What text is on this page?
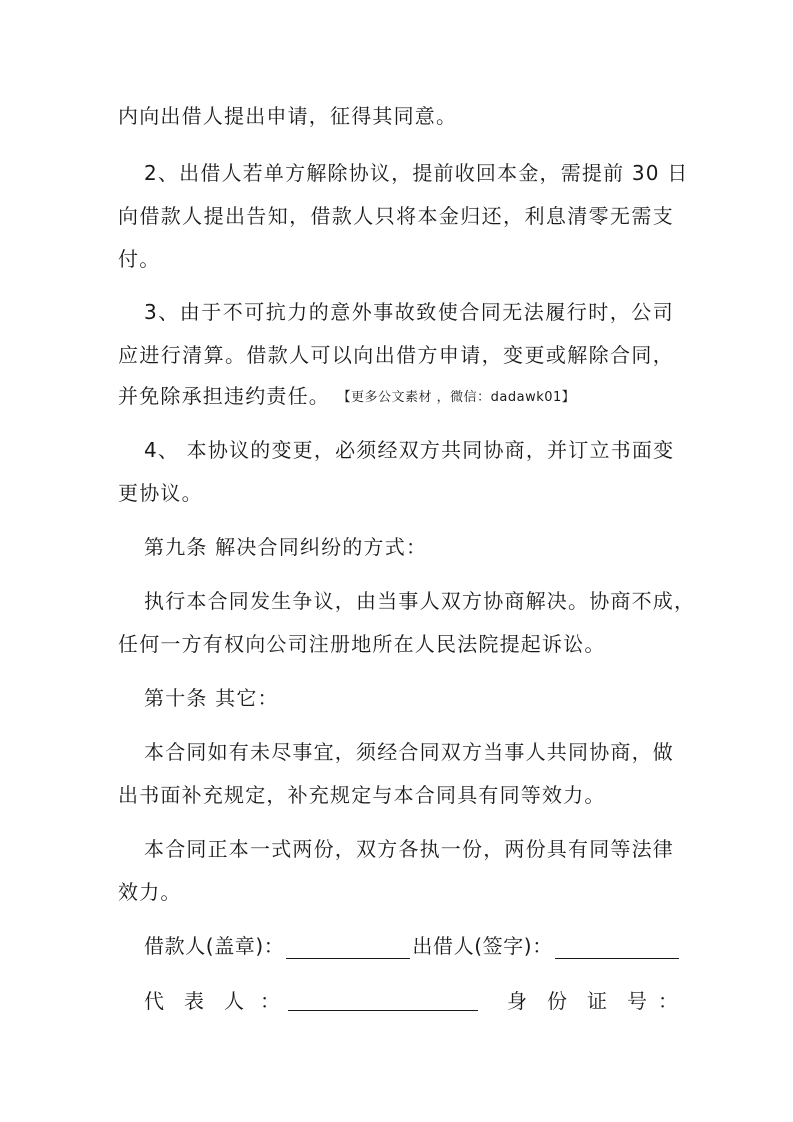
内向出借人提出申请，征得其同意。
2、出借人若单方解除协议，提前收回本金，需提前 30 日
向借款人提出告知，借款人只将本金归还，利息清零无需支
付。
3、由于不可抗力的意外事故致使合同无法履行时，公司
应进行清算。借款人可以向出借方申请，变更或解除合同，
并免除承担违约责任。 【更多公文素材 ，微信：dadawk01】
4、 本协议的变更，必须经双方共同协商，并订立书面变
更协议。
第九条 解决合同纠纷的方式：
执行本合同发生争议，由当事人双方协商解决。协商不成，
任何一方有权向公司注册地所在人民法院提起诉讼。
第十条 其它：
本合同如有未尽事宜，须经合同双方当事人共同协商，做
出书面补充规定，补充规定与本合同具有同等效力。
本合同正本一式两份，双方各执一份，两份具有同等法律
效力。
借款人(盖章)：	出借人(签字)：
代 表 人 ：	身 份 证 号 ：
